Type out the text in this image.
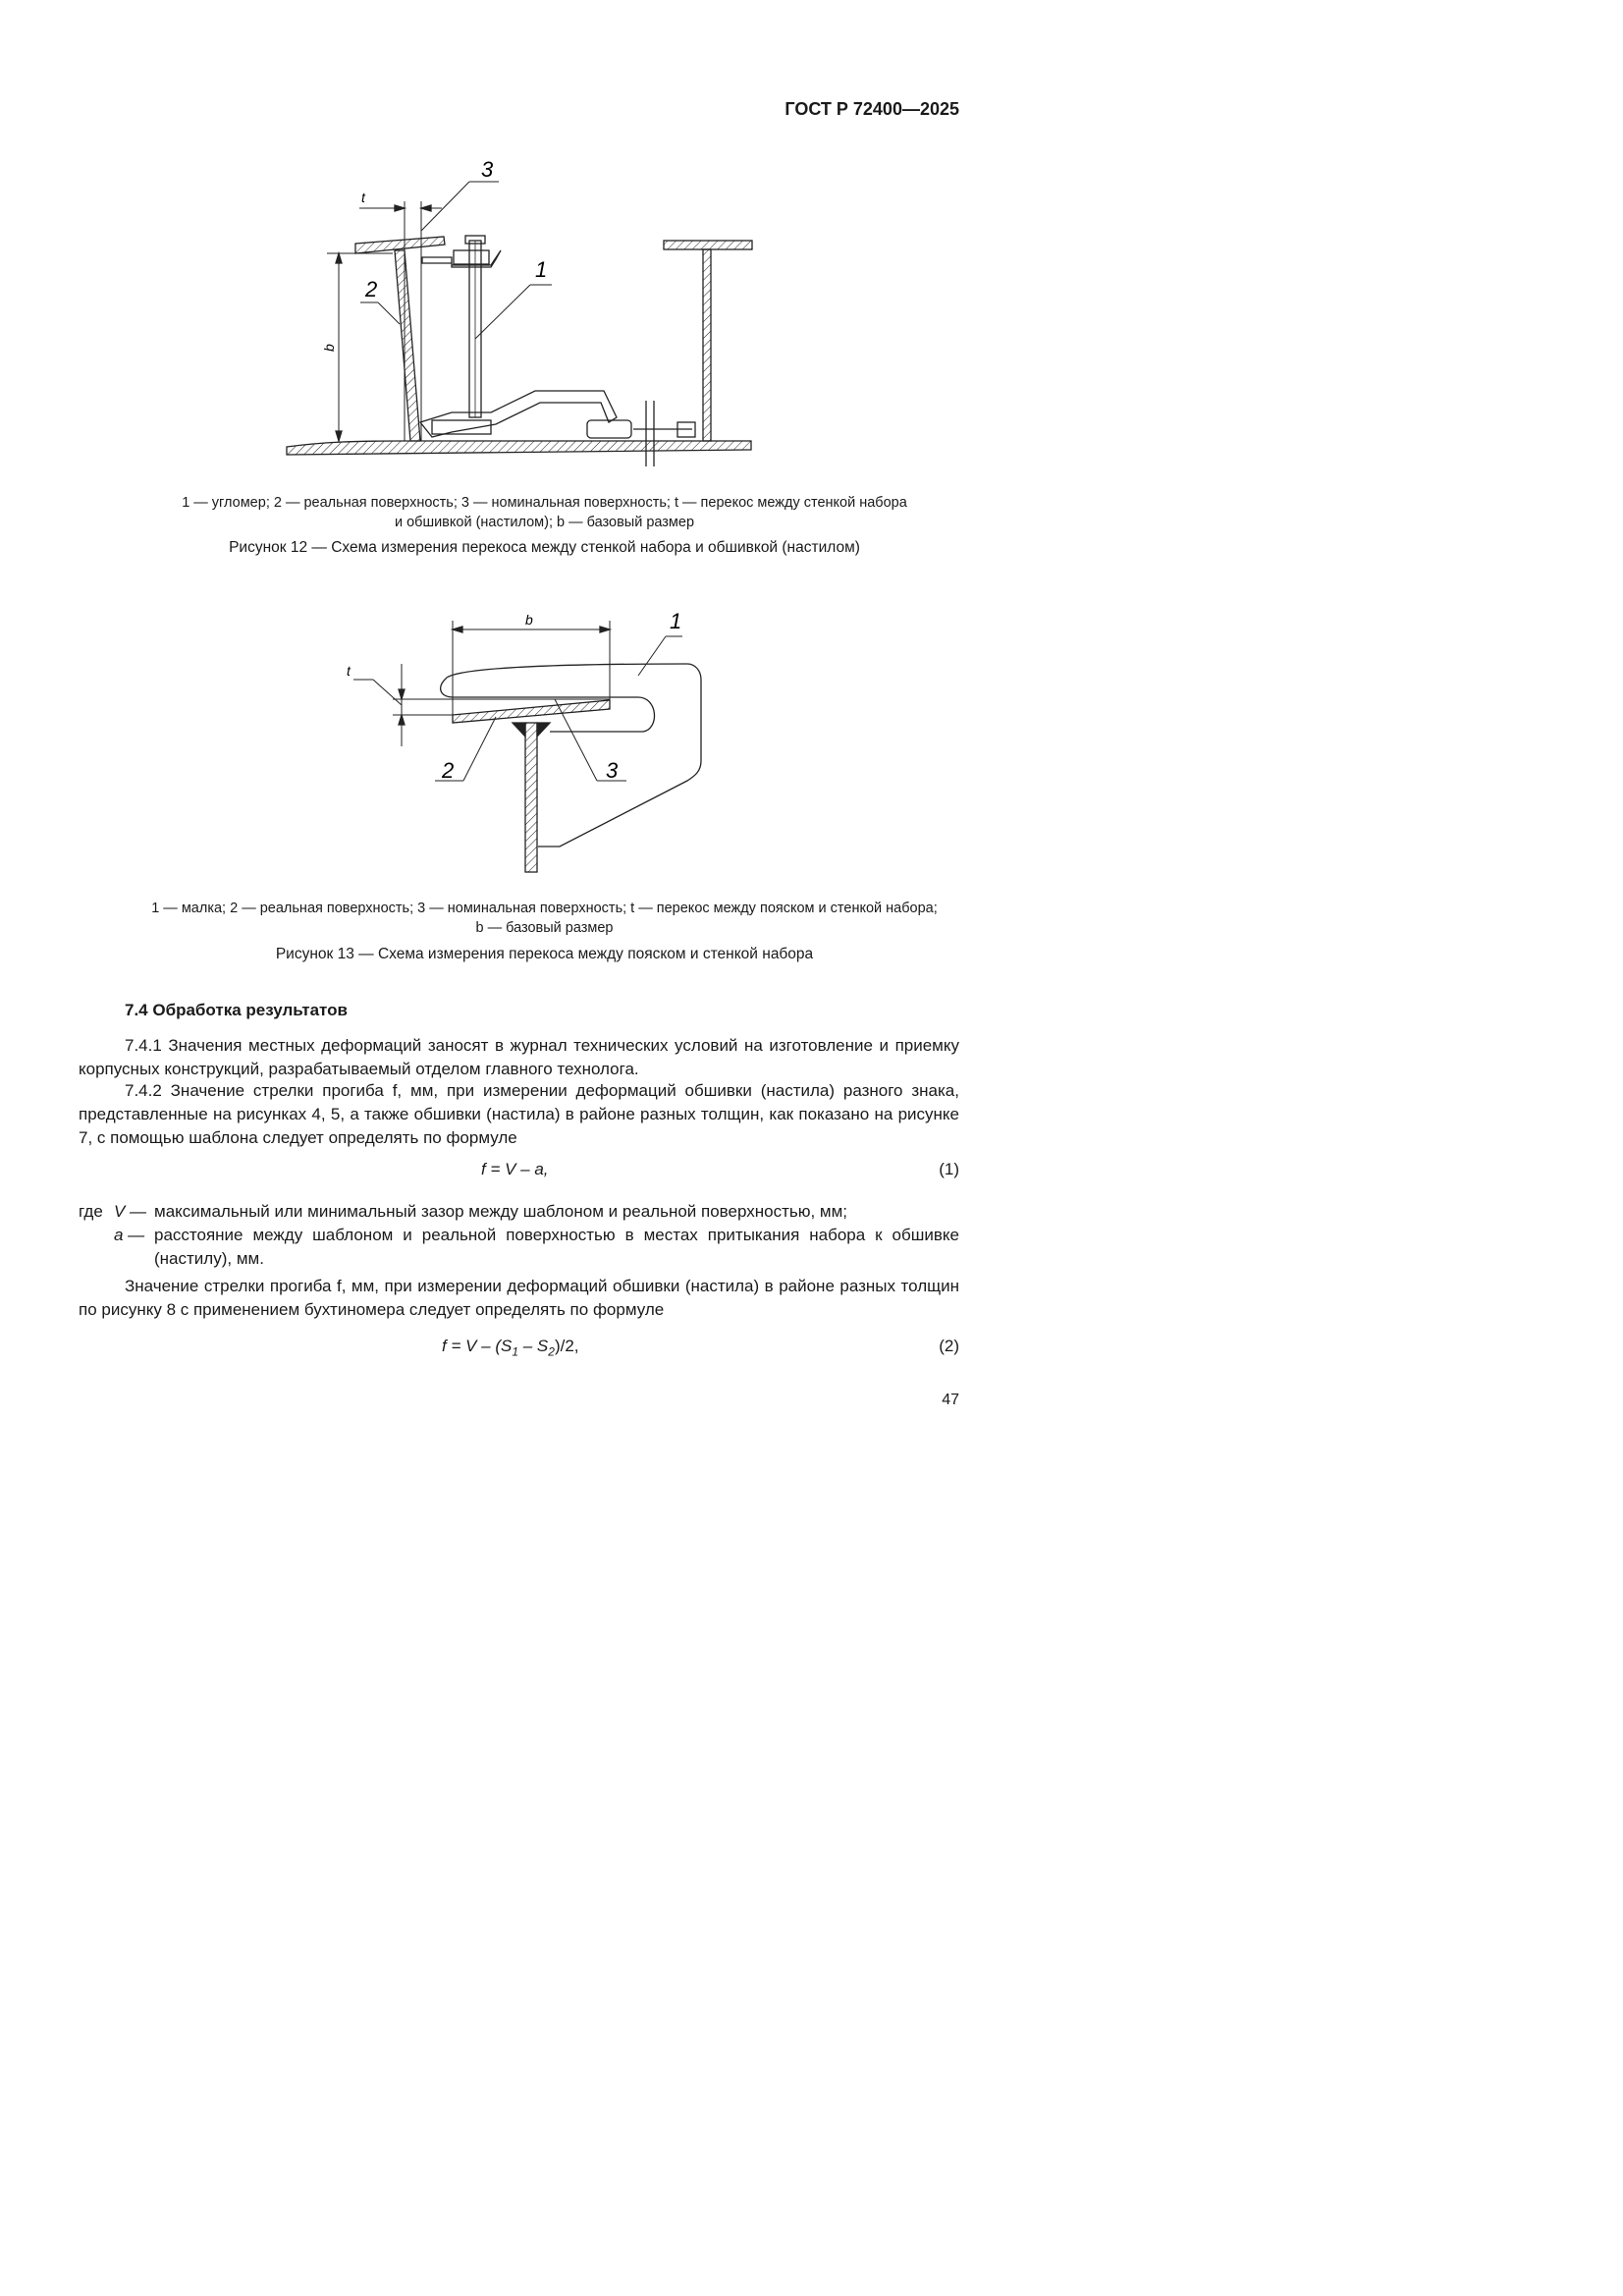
ГОСТ Р 72400—2025
3
1
2
t
b
1 — угломер; 2 — реальная поверхность; 3 — номинальная поверхность; t — перекос между стенкой набора
и обшивкой (настилом); b — базовый размер
Рисунок 12 — Схема измерения перекоса между стенкой набора и обшивкой (настилом)
b	1
t
2	3
1 — малка; 2 — реальная поверхность; 3 — номинальная поверхность; t — перекос между пояском и стенкой набора;
b — базовый размер
Рисунок 13 — Схема измерения перекоса между пояском и стенкой набора
7.4 Обработка результатов
7.4.1 Значения местных деформаций заносят в журнал технических условий на изготовление и приемку корпусных конструкций, разрабатываемый отделом главного технолога.
7.4.2 Значение стрелки прогиба f, мм, при измерении деформаций обшивки (настила) разного знака, представленные на рисунках 4, 5, а также обшивки (настила) в районе разных толщин, как показано на рисунке 7, с помощью шаблона следует определять по формуле
f = V – a,	(1)
где V — максимальный или минимальный зазор между шаблоном и реальной поверхностью, мм;
a — расстояние между шаблоном и реальной поверхностью в местах притыкания набора к обшивке (настилу), мм.
Значение стрелки прогиба f, мм, при измерении деформаций обшивки (настила) в районе разных толщин по рисунку 8 с применением бухтиномера следует определять по формуле
$f = V - (S_1 - S_2)/2$,	(2)
47
